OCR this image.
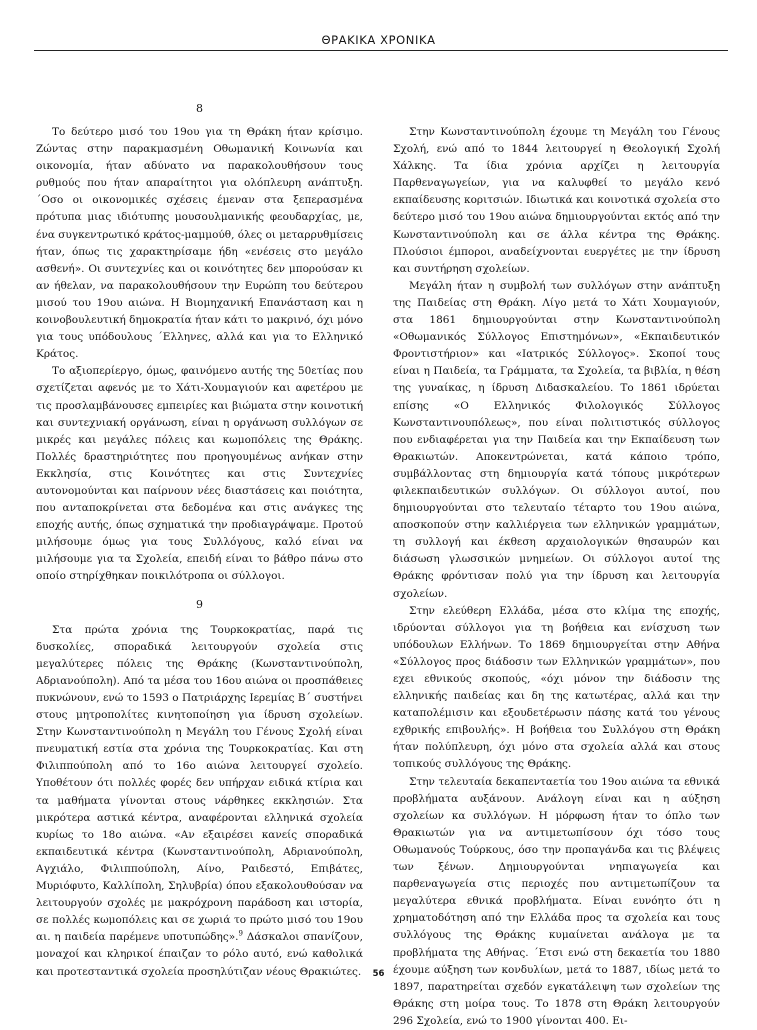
ΘΡΑΚΙΚΑ ΧΡΟΝΙΚΑ
8

Το δεύτερο μισό του 19ου για τη Θράκη ήταν κρίσιμο. Ζώντας στην παρακμασμένη Οθωμανική Κοινωνία και οικονομία, ήταν αδύνατο να παρακολουθήσουν τους ρυθμούς που ήταν απαραίτητοι για ολόπλευρη ανάπτυξη. ΄Οσο οι οικονομικές σχέσεις έμεναν στα ξεπερασμένα πρότυπα μιας ιδιότυπης μουσουλμανικής φεουδαρχίας, με, ένα συγκεντρωτικό κράτος-μαμμούθ, όλες οι μεταρρυθμίσεις ήταν, όπως τις χαρακτηρίσαμε ήδη «ενέσεις στο μεγάλο ασθενή». Οι συντεχνίες και οι κοινότητες δεν μπορούσαν κι αν ήθελαν, να παρακολουθήσουν την Ευρώπη του δεύτερου μισού του 19ου αιώνα. Η Βιομηχανική Επανάσταση και η κοινοβουλευτική δημοκρατία ήταν κάτι το μακρινό, όχι μόνο για τους υπόδουλους ΄Ελληνες, αλλά και για το Ελληνικό Κράτος.

Το αξιοπερίεργο, όμως, φαινόμενο αυτής της 50ετίας που σχετίζεται αφενός με το Χάτι-Χουμαγιούν και αφετέρου με τις προσλαμβάνουσες εμπειρίες και βιώματα στην κοινοτική και συντεχνιακή οργάνωση, είναι η οργάνωση συλλόγων σε μικρές και μεγάλες πόλεις και κωμοπόλεις της Θράκης. Πολλές δραστηριότητες που προηγουμένως ανήκαν στην Εκκλησία, στις Κοινότητες και στις Συντεχνίες αυτονομούνται και παίρνουν νέες διαστάσεις και ποιότητα, που ανταποκρίνεται στα δεδομένα και στις ανάγκες της εποχής αυτής, όπως σχηματικά την προδιαγράψαμε. Προτού μιλήσουμε όμως για τους Συλλόγους, καλό είναι να μιλήσουμε για τα Σχολεία, επειδή είναι το βάθρο πάνω στο οποίο στηρίχθηκαν ποικιλότροπα οι σύλλογοι.

9

Στα πρώτα χρόνια της Τουρκοκρατίας, παρά τις δυσκολίες, σποραδικά λειτουργούν σχολεία στις μεγαλύτερες πόλεις της Θράκης (Κωνσταντινούπολη, Αδριανούπολη). Από τα μέσα του 16ου αιώνα οι προσπάθειες πυκνώνουν, ενώ το 1593 ο Πατριάρχης Ιερεμίας Β΄ συστήνει στους μητροπολίτες κινητοποίηση για ίδρυση σχολείων. Στην Κωνσταντινούπολη η Μεγάλη του Γένους Σχολή είναι πνευματική εστία στα χρόνια της Τουρκοκρατίας. Και στη Φιλιππούπολη από το 16ο αιώνα λειτουργεί σχολείο. Υποθέτουν ότι πολλές φορές δεν υπήρχαν ειδικά κτίρια και τα μαθήματα γίνονται στους νάρθηκες εκκλησιών. Στα μικρότερα αστικά κέντρα, αναφέρονται ελληνικά σχολεία κυρίως το 18ο αιώνα. «Αν εξαιρέσει κανείς σποραδικά εκπαιδευτικά κέντρα (Κωνσταντινούπολη, Αδριανούπολη, Αγχιάλο, Φιλιππούπολη, Αίνο, Ραιδεστό, Επιβάτες, Μυριόφυτο, Καλλίπολη, Σηλυβρία) όπου εξακολουθούσαν να λειτουργούν σχολές με μακρόχρονη παράδοση και ιστορία, σε πολλές κωμοπόλεις και σε χωριά το πρώτο μισό του 19ου αι. η παιδεία παρέμενε υποτυπώδης».$^9$ Δάσκαλοι σπανίζουν, μοναχοί και κληρικοί έπαιζαν το ρόλο αυτό, ενώ καθολικά και προτεσταντικά σχολεία προσηλύτιζαν νέους Θρακιώτες.

Στην Κωνσταντινούπολη έχουμε τη Μεγάλη του Γένους Σχολή, ενώ από το 1844 λειτουργεί η Θεολογική Σχολή Χάλκης. Τα ίδια χρόνια αρχίζει η λειτουργία Παρθεναγωγείων, για να καλυφθεί το μεγάλο κενό εκπαίδευσης κοριτσιών. Ιδιωτικά και κοινοτικά σχολεία στο δεύτερο μισό του 19ου αιώνα δημιουργούνται εκτός από την Κωνσταντινούπολη και σε άλλα κέντρα της Θράκης. Πλούσιοι έμποροι, αναδείχνονται ευεργέτες με την ίδρυση και συντήρηση σχολείων.

Μεγάλη ήταν η συμβολή των συλλόγων στην ανάπτυξη της Παιδείας στη Θράκη. Λίγο μετά το Χάτι Χουμαγιούν, στα 1861 δημιουργούνται στην Κωνσταντινούπολη «Οθωμανικός Σύλλογος Επιστημόνων», «Εκπαιδευτικόν Φροντιστήριον» και «Ιατρικός Σύλλογος». Σκοποί τους είναι η Παιδεία, τα Γράμματα, τα Σχολεία, τα βιβλία, η θέση της γυναίκας, η ίδρυση Διδασκαλείου. Το 1861 ιδρύεται επίσης «Ο Ελληνικός Φιλολογικός Σύλλογος Κωνσταντινουπόλεως», που είναι πολιτιστικός σύλλογος που ενδιαφέρεται για την Παιδεία και την Εκπαίδευση των Θρακιωτών. Αποκεντρώνεται, κατά κάποιο τρόπο, συμβάλλοντας στη δημιουργία κατά τόπους μικρότερων φιλεκπαιδευτικών συλλόγων. Οι σύλλογοι αυτοί, που δημιουργούνται στο τελευταίο τέταρτο του 19ου αιώνα, αποσκοπούν στην καλλιέργεια των ελληνικών γραμμάτων, τη συλλογή και έκθεση αρχαιολογικών θησαυρών και διάσωση γλωσσικών μνημείων. Οι σύλλογοι αυτοί της Θράκης φρόντισαν πολύ για την ίδρυση και λειτουργία σχολείων.

Στην ελεύθερη Ελλάδα, μέσα στο κλίμα της εποχής, ιδρύονται σύλλογοι για τη βοήθεια και ενίσχυση των υπόδουλων Ελλήνων. Το 1869 δημιουργείται στην Αθήνα «Σύλλογος προς διάδοσιν των Ελληνικών γραμμάτων», που εχει εθνικούς σκοπούς, «όχι μόνον την διάδοσιν της ελληνικής παιδείας και δη της κατωτέρας, αλλά και την καταπολέμισιν και εξουδετέρωσιν πάσης κατά του γένους εχθρικής επιβουλής». Η βοήθεια του Συλλόγου στη Θράκη ήταν πολύπλευρη, όχι μόνο στα σχολεία αλλά και στους τοπικούς συλλόγους της Θράκης.

Στην τελευταία δεκαπενταετία του 19ου αιώνα τα εθνικά προβλήματα αυξάνουν. Ανάλογη είναι και η αύξηση σχολείων κα συλλόγων. Η μόρφωση ήταν το όπλο των Θρακιωτών για να αντιμετωπίσουν όχι τόσο τους Οθωμανούς Τούρκους, όσο την προπαγάνδα και τις βλέψεις των ξένων. Δημιουργούνται νηπιαγωγεία και παρθεναγωγεία στις περιοχές που αντιμετωπίζουν τα μεγαλύτερα εθνικά προβλήματα. Είναι ευνόητο ότι η χρηματοδότηση από την Ελλάδα προς τα σχολεία και τους συλλόγους της Θράκης κυμαίνεται ανάλογα με τα προβλήματα της Αθήνας. ΄Ετσι ενώ στη δεκαετία του 1880 έχουμε αύξηση των κονδυλίων, μετά το 1887, ιδίως μετά το 1897, παρατηρείται σχεδόν εγκατάλειψη των σχολείων της Θράκης στη μοίρα τους. Το 1878 στη Θράκη λειτουργούν 296 Σχολεία, ενώ το 1900 γίνονται 400. Ει-

56
